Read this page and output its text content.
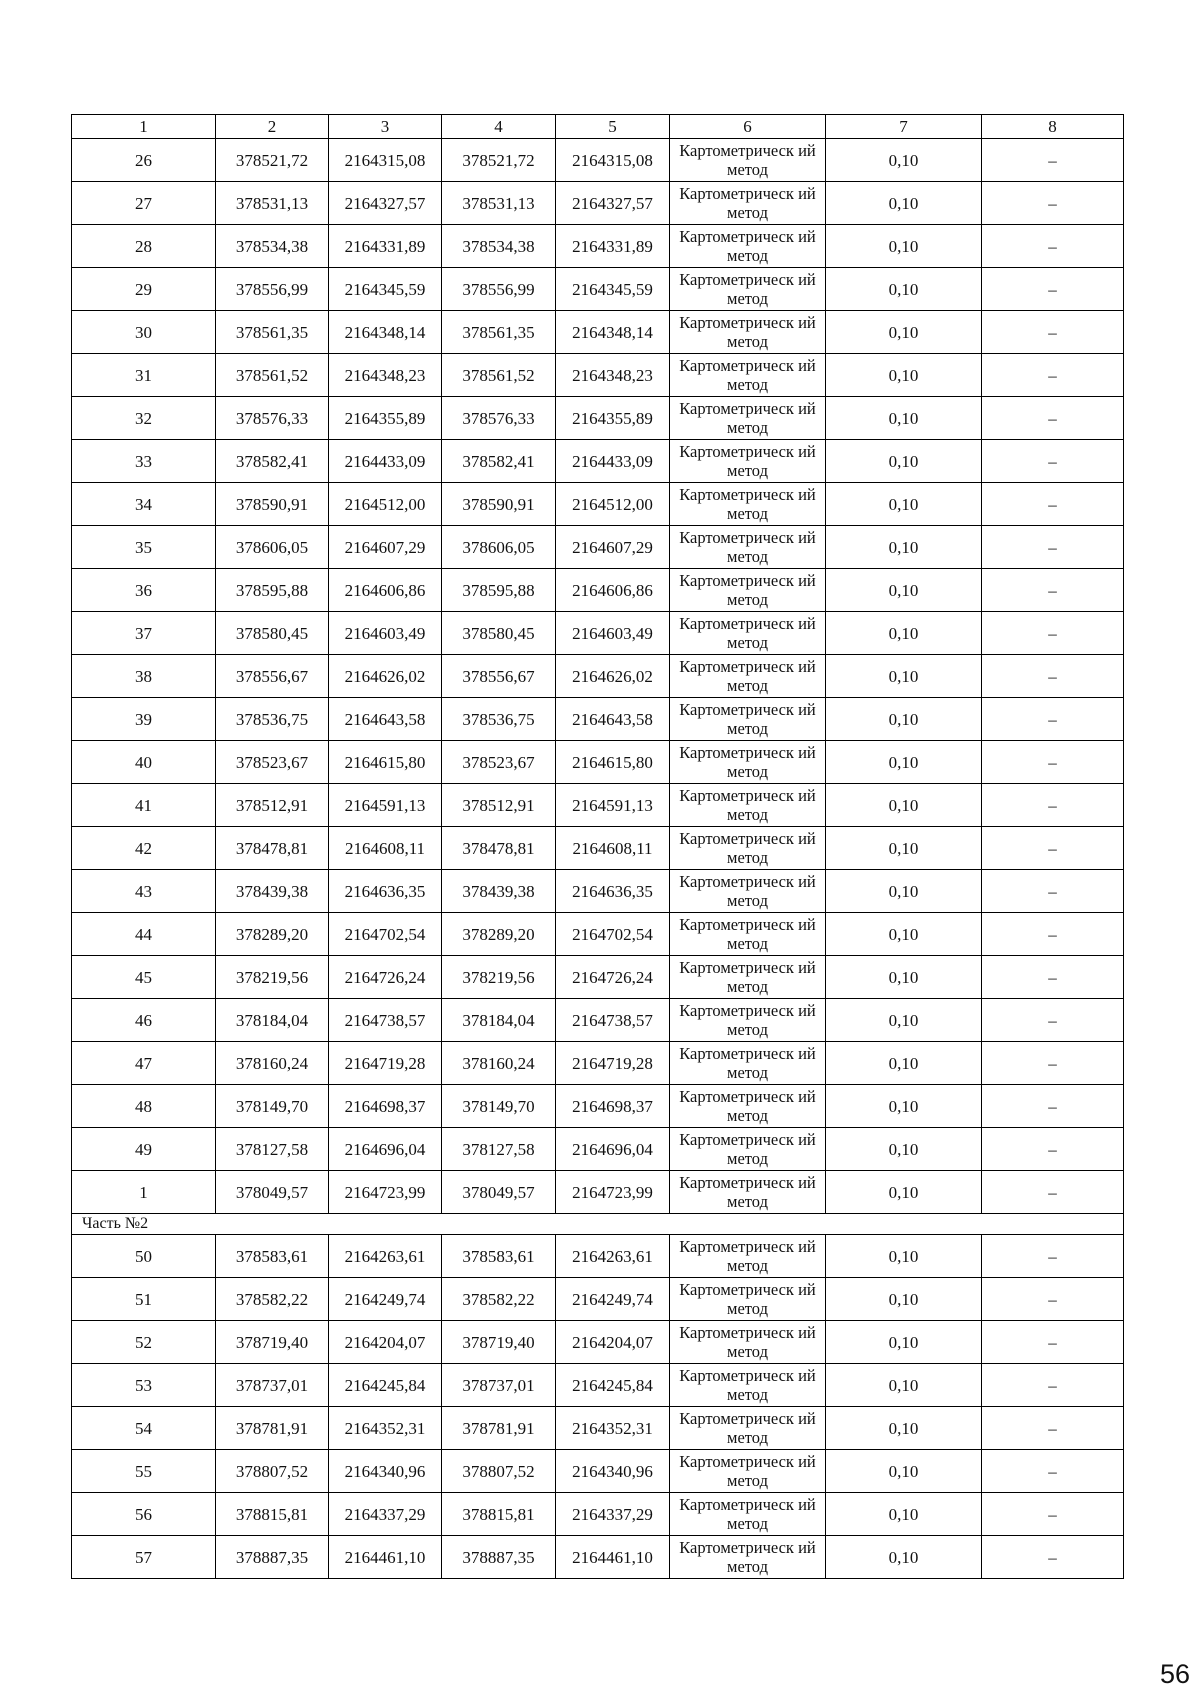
1	2	3	4	5	6	7	8
26	378521,72	2164315,08	378521,72	2164315,08	Картометрическ ий метод	0,10	–
27	378531,13	2164327,57	378531,13	2164327,57	Картометрическ ий метод	0,10	–
28	378534,38	2164331,89	378534,38	2164331,89	Картометрическ ий метод	0,10	–
29	378556,99	2164345,59	378556,99	2164345,59	Картометрическ ий метод	0,10	–
30	378561,35	2164348,14	378561,35	2164348,14	Картометрическ ий метод	0,10	–
31	378561,52	2164348,23	378561,52	2164348,23	Картометрическ ий метод	0,10	–
32	378576,33	2164355,89	378576,33	2164355,89	Картометрическ ий метод	0,10	–
33	378582,41	2164433,09	378582,41	2164433,09	Картометрическ ий метод	0,10	–
34	378590,91	2164512,00	378590,91	2164512,00	Картометрическ ий метод	0,10	–
35	378606,05	2164607,29	378606,05	2164607,29	Картометрическ ий метод	0,10	–
36	378595,88	2164606,86	378595,88	2164606,86	Картометрическ ий метод	0,10	–
37	378580,45	2164603,49	378580,45	2164603,49	Картометрическ ий метод	0,10	–
38	378556,67	2164626,02	378556,67	2164626,02	Картометрическ ий метод	0,10	–
39	378536,75	2164643,58	378536,75	2164643,58	Картометрическ ий метод	0,10	–
40	378523,67	2164615,80	378523,67	2164615,80	Картометрическ ий метод	0,10	–
41	378512,91	2164591,13	378512,91	2164591,13	Картометрическ ий метод	0,10	–
42	378478,81	2164608,11	378478,81	2164608,11	Картометрическ ий метод	0,10	–
43	378439,38	2164636,35	378439,38	2164636,35	Картометрическ ий метод	0,10	–
44	378289,20	2164702,54	378289,20	2164702,54	Картометрическ ий метод	0,10	–
45	378219,56	2164726,24	378219,56	2164726,24	Картометрическ ий метод	0,10	–
46	378184,04	2164738,57	378184,04	2164738,57	Картометрическ ий метод	0,10	–
47	378160,24	2164719,28	378160,24	2164719,28	Картометрическ ий метод	0,10	–
48	378149,70	2164698,37	378149,70	2164698,37	Картометрическ ий метод	0,10	–
49	378127,58	2164696,04	378127,58	2164696,04	Картометрическ ий метод	0,10	–
1	378049,57	2164723,99	378049,57	2164723,99	Картометрическ ий метод	0,10	–
Часть №2							
50	378583,61	2164263,61	378583,61	2164263,61	Картометрическ ий метод	0,10	–
51	378582,22	2164249,74	378582,22	2164249,74	Картометрическ ий метод	0,10	–
52	378719,40	2164204,07	378719,40	2164204,07	Картометрическ ий метод	0,10	–
53	378737,01	2164245,84	378737,01	2164245,84	Картометрическ ий метод	0,10	–
54	378781,91	2164352,31	378781,91	2164352,31	Картометрическ ий метод	0,10	–
55	378807,52	2164340,96	378807,52	2164340,96	Картометрическ ий метод	0,10	–
56	378815,81	2164337,29	378815,81	2164337,29	Картометрическ ий метод	0,10	–
57	378887,35	2164461,10	378887,35	2164461,10	Картометрическ ий метод	0,10	–
56
